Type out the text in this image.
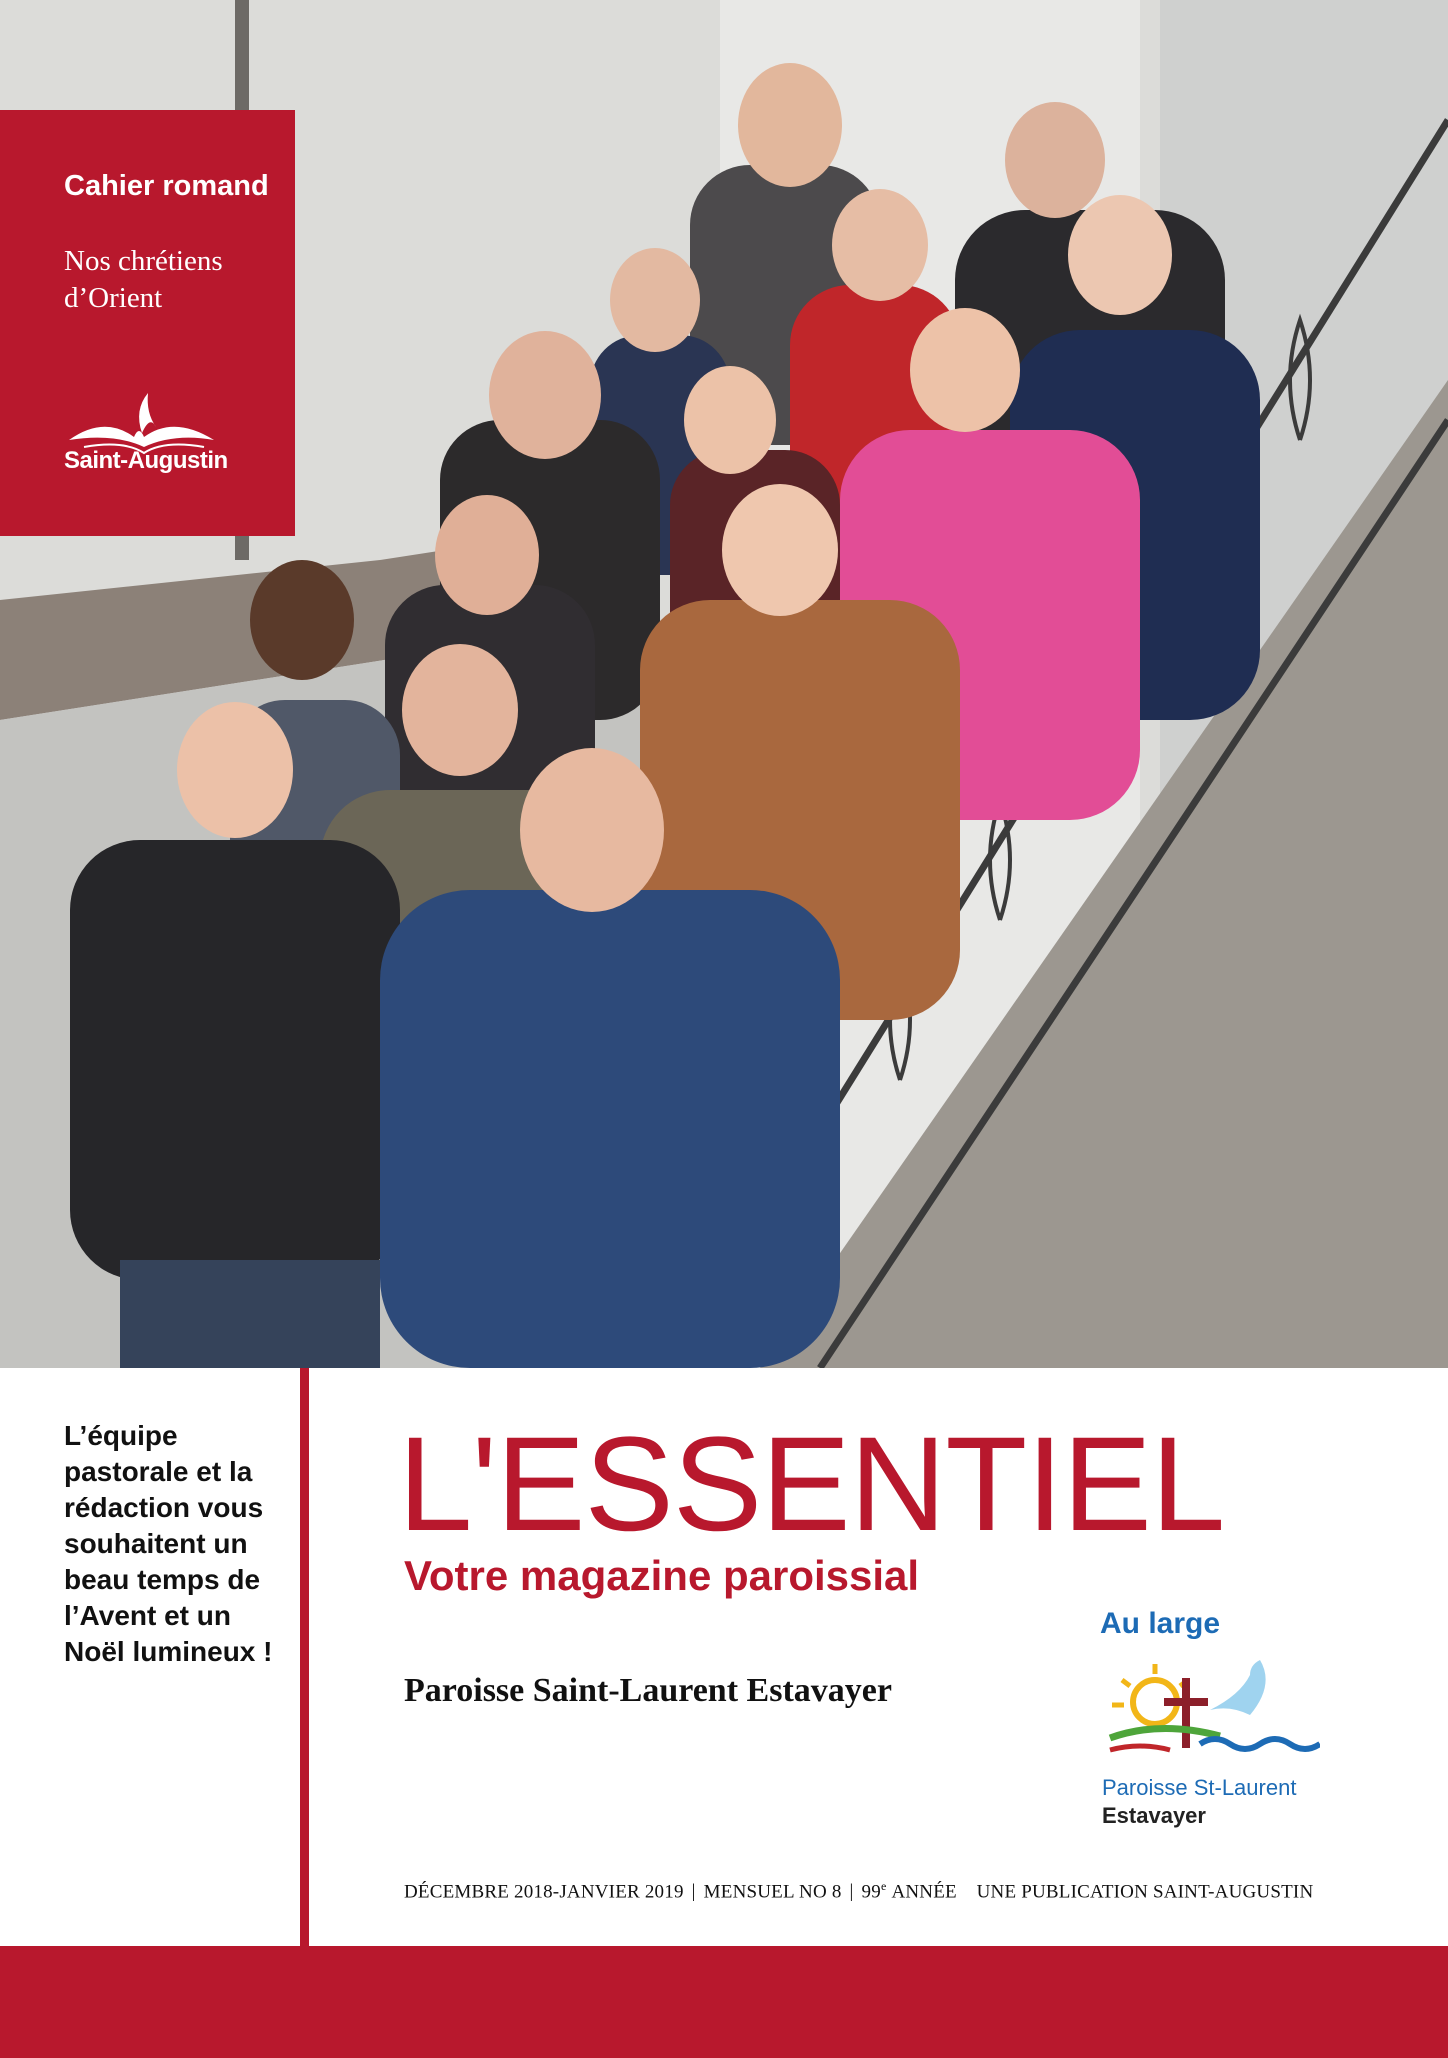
Cahier romand
Nos chrétiens d’Orient
Saint-Augustin
L’équipe pastorale et la rédaction vous souhaitent un beau temps de l’Avent et un Noël lumineux !
L'ESSENTIEL
Votre magazine paroissial
Paroisse Saint-Laurent Estavayer
Au large
Paroisse St-Laurent
Estavayer
DÉCEMBRE 2018-JANVIER 2019 | MENSUEL NO 8 | 99e ANNÉE UNE PUBLICATION SAINT-AUGUSTIN
